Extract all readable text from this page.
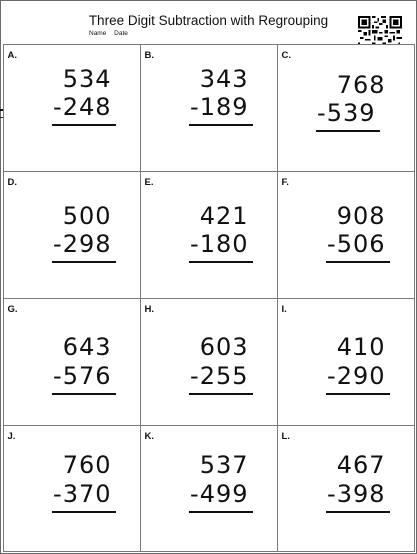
Three Digit Subtraction with Regrouping
Name Date
A.
534
-248
B.
343
-189
C.
768
-539
D.
500
-298
E.
421
-180
F.
908
-506
G.
643
-576
H.
603
-255
I.
410
-290
J.
760
-370
K.
537
-499
L.
467
-398
